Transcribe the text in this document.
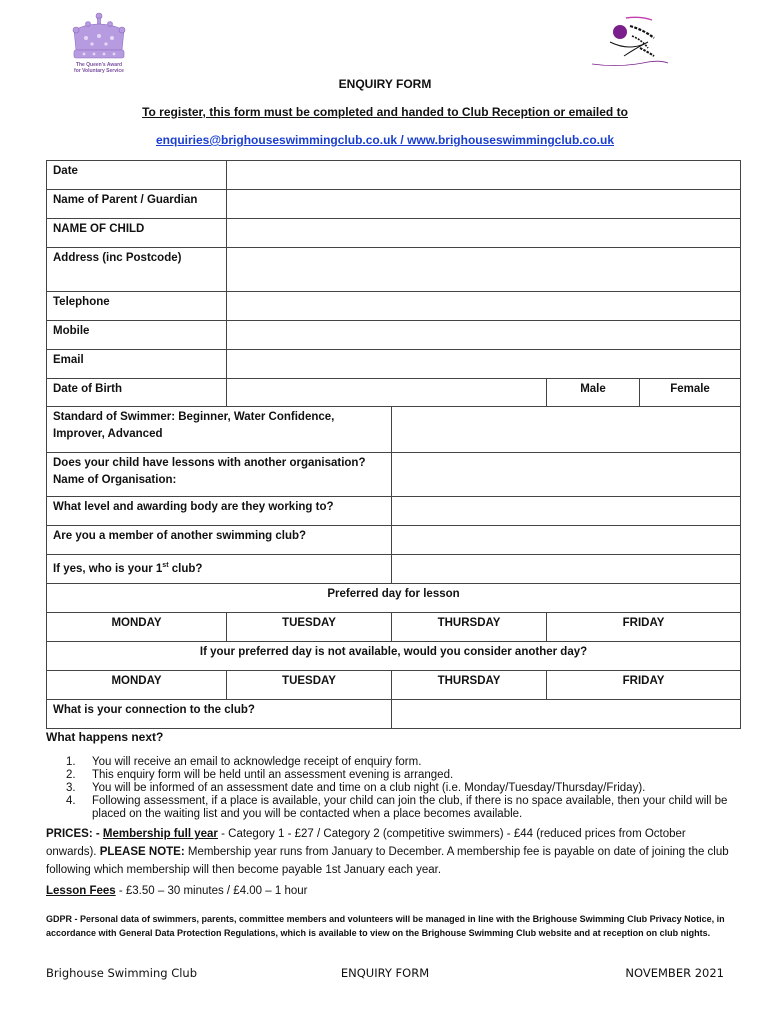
The Queen's Award
for Voluntary Service
ENQUIRY FORM
To register, this form must be completed and handed to Club Reception or emailed to
enquiries@brighouseswimmingclub.co.uk / www.brighouseswimmingclub.co.uk
Date				
Name of Parent / Guardian				
NAME OF CHILD				
Address (inc Postcode)				
Telephone				
Mobile				
Email				
Date of Birth			Male	Female
Standard of Swimmer: Beginner, Water Confidence, Improver, Advanced				
Does your child have lessons with another organisation? Name of Organisation:				
What level and awarding body are they working to?				
Are you a member of another swimming club?				
If yes, who is your 1st club?				
Preferred day for lesson				
MONDAY	TUESDAY	THURSDAY	FRIDAY	
If your preferred day is not available, would you consider another day?				
MONDAY	TUESDAY	THURSDAY	FRIDAY	
What is your connection to the club?				
What happens next?
1. You will receive an email to acknowledge receipt of enquiry form.
2. This enquiry form will be held until an assessment evening is arranged.
3. You will be informed of an assessment date and time on a club night (i.e. Monday/Tuesday/Thursday/Friday).
4. Following assessment, if a place is available, your child can join the club, if there is no space available, then your child will be placed on the waiting list and you will be contacted when a place becomes available.
PRICES: - Membership full year - Category 1 - £27 / Category 2 (competitive swimmers) - £44 (reduced prices from October onwards). PLEASE NOTE: Membership year runs from January to December. A membership fee is payable on date of joining the club following which membership will then become payable 1st January each year.
Lesson Fees - £3.50 – 30 minutes / £4.00 – 1 hour
GDPR - Personal data of swimmers, parents, committee members and volunteers will be managed in line with the Brighouse Swimming Club Privacy Notice, in accordance with General Data Protection Regulations, which is available to view on the Brighouse Swimming Club website and at reception on club nights.
Brighouse Swimming Club	ENQUIRY FORM	NOVEMBER 2021
